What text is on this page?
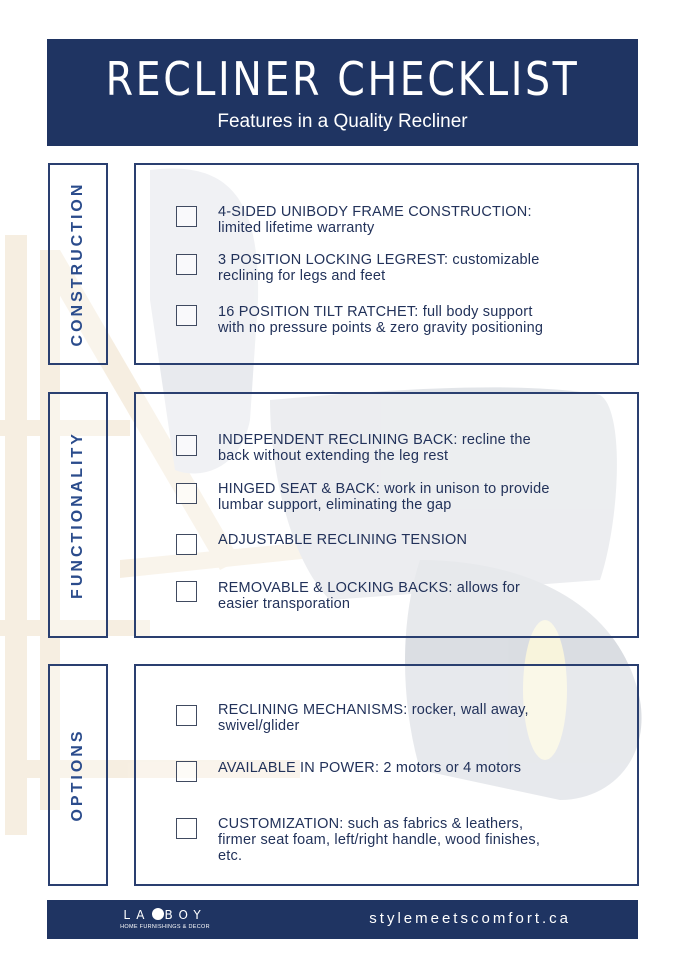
RECLINER CHECKLIST
Features in a Quality Recliner
CONSTRUCTION	4-SIDED UNIBODY FRAME CONSTRUCTION:
limited lifetime warranty
3 POSITION LOCKING LEGREST: customizable
reclining for legs and feet
16 POSITION TILT RATCHET: full body support
with no pressure points & zero gravity positioning
FUNCTIONALITY	INDEPENDENT RECLINING BACK: recline the
back without extending the leg rest
HINGED SEAT & BACK: work in unison to provide
lumbar support, eliminating the gap
ADJUSTABLE RECLINING TENSION
REMOVABLE & LOCKING BACKS: allows for
easier transporation
OPTIONS
RECLINING MECHANISMS: rocker, wall away,
swivel/glider
AVAILABLE IN POWER: 2 motors or 4 motors
CUSTOMIZATION: such as fabrics & leathers,
firmer seat foam, left/right handle, wood finishes,
etc.
LA BOY
HOME FURNISHINGS & DECOR	stylemeetscomfort.ca
